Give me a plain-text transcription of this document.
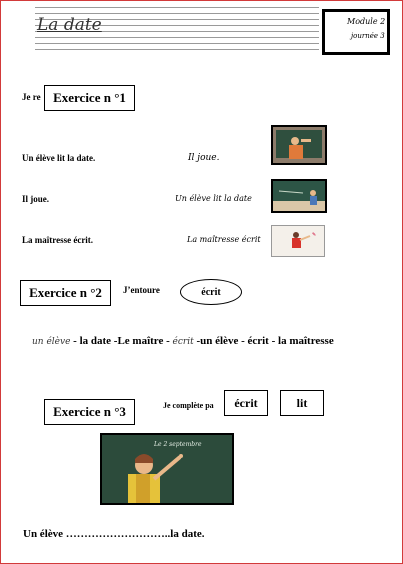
La date	Module 2
journée 3
Je re Exercice n °1
Un élève lit la date.	Il joue.
Il joue.	Un élève lit la date
La maîtresse écrit.	La maîtresse écrit	✎
Exercice n °2	J’entoure	écrit
un élève - la date -Le maître - écrit -un élève - écrit - la maîtresse
Exercice n °3	Je complète pa	écrit	lit
Le 2 septembre
Un élève ………………………..la date.
